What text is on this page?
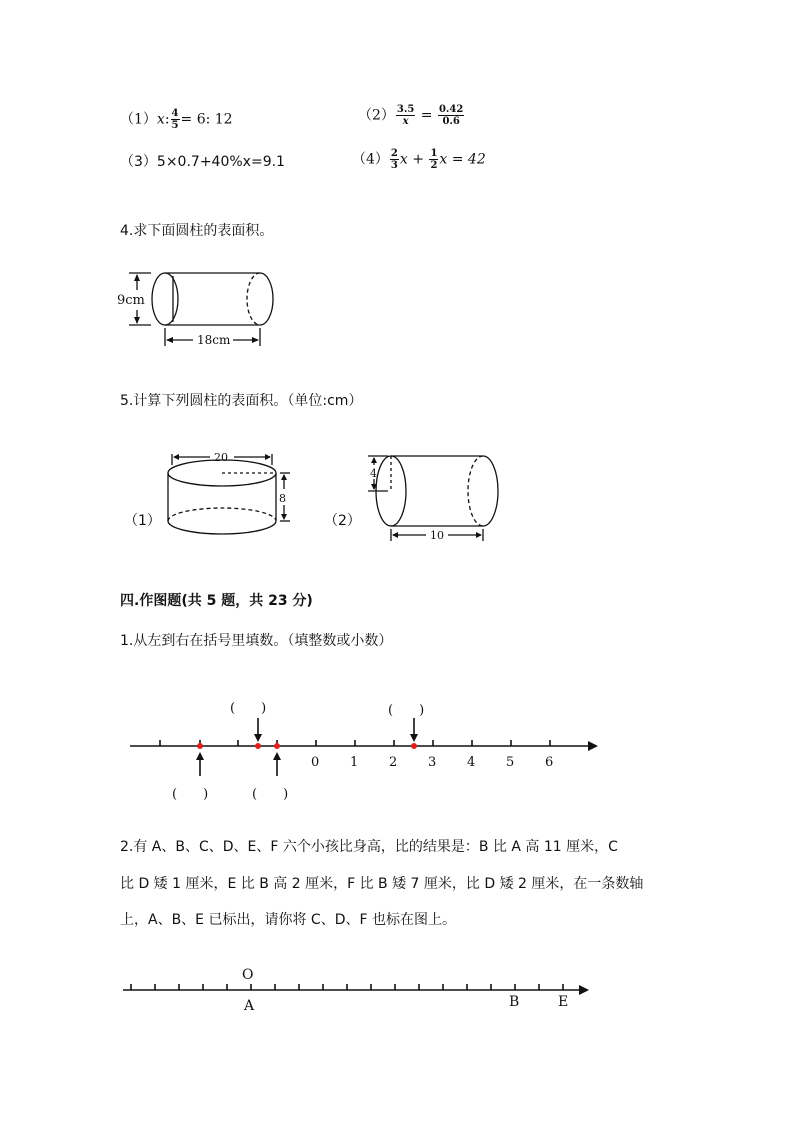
（1）x: $\frac{4}{5} = 6$: 12	$(2) \frac{3.5}{x} = \frac{0.42}{0.6}$
（3）5×0.7+40%x=9.1	$(4) \frac{2}{3}$ $x + \frac{1}{2}$ x = 42
4.求下面圆柱的表面积。
9cm
18cm
5.计算下列圆柱的表面积。（单位:cm）
（1）
20
8
（2）
4
10
四.作图题(共 5 题，共 23 分)
1.从左到右在括号里填数。（填整数或小数）
0 1 2 3 4 5 6
(　　)	(　　)
(　　)	(　　)
2.有 A、B、C、D、E、F 六个小孩比身高，比的结果是：B 比 A 高 11 厘米，C
比 D 矮 1 厘米，E 比 B 高 2 厘米，F 比 B 矮 7 厘米，比 D 矮 2 厘米，在一条数轴
上，A、B、E 已标出，请你将 C、D、F 也标在图上。
O
A	B	E
